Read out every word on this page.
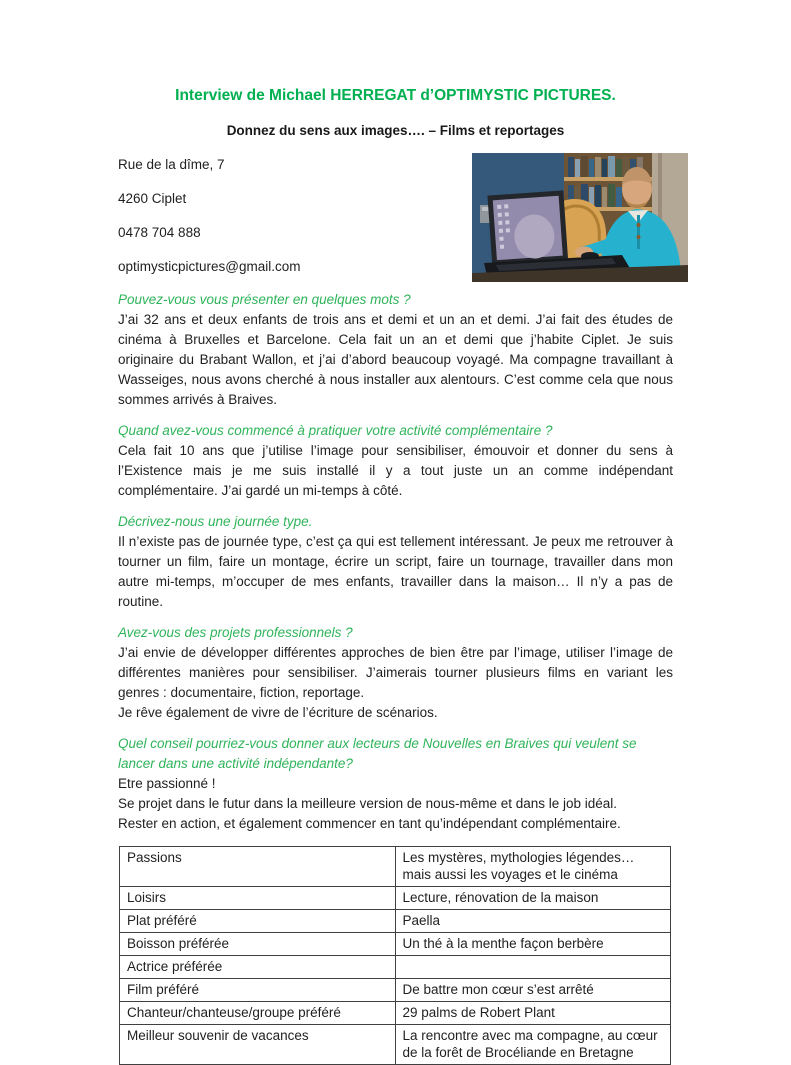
Interview de Michael HERREGAT d’OPTIMYSTIC PICTURES.
Donnez du sens aux images…. – Films et reportages

Rue de la dîme, 7

4260 Ciplet

0478 704 888

optimysticpictures@gmail.com

Pouvez-vous vous présenter en quelques mots ?

J’ai 32 ans et deux enfants de trois ans et demi et un an et demi. J’ai fait des études de cinéma à Bruxelles et Barcelone. Cela fait un an et demi que j’habite Ciplet. Je suis originaire du Brabant Wallon, et j’ai d’abord beaucoup voyagé. Ma compagne travaillant à Wasseiges, nous avons cherché à nous installer aux alentours. C’est comme cela que nous sommes arrivés à Braives.

Quand avez-vous commencé à pratiquer votre activité complémentaire ?

Cela fait 10 ans que j’utilise l’image pour sensibiliser, émouvoir et donner du sens à l’Existence mais je me suis installé il y a tout juste un an comme indépendant complémentaire. J’ai gardé un mi-temps à côté.

Décrivez-nous une journée type.

Il n’existe pas de journée type, c’est ça qui est tellement intéressant. Je peux me retrouver à tourner un film, faire un montage, écrire un script, faire un tournage, travailler dans mon autre mi-temps, m’occuper de mes enfants, travailler dans la maison… Il n’y a pas de routine.

Avez-vous des projets professionnels ?

J’ai envie de développer différentes approches de bien être par l’image, utiliser l’image de différentes manières pour sensibiliser. J’aimerais tourner plusieurs films en variant les genres : documentaire, fiction, reportage.

Je rêve également de vivre de l’écriture de scénarios.

Quel conseil pourriez-vous donner aux lecteurs de Nouvelles en Braives qui veulent se lancer dans une activité indépendante?

Etre passionné !

Se projet dans le futur dans la meilleure version de nous-même et dans le job idéal.

Rester en action, et également commencer en tant qu’indépendant complémentaire.

Passions	Les mystères, mythologies légendes… mais aussi les voyages et le cinéma
Loisirs	Lecture, rénovation de la maison
Plat préféré	Paella
Boisson préférée	Un thé à la menthe façon berbère
Actrice préférée	
Film préféré	De battre mon cœur s’est arrêté
Chanteur/chanteuse/groupe préféré	29 palms de Robert Plant
Meilleur souvenir de vacances	La rencontre avec ma compagne, au cœur de la forêt de Brocéliande en Bretagne
